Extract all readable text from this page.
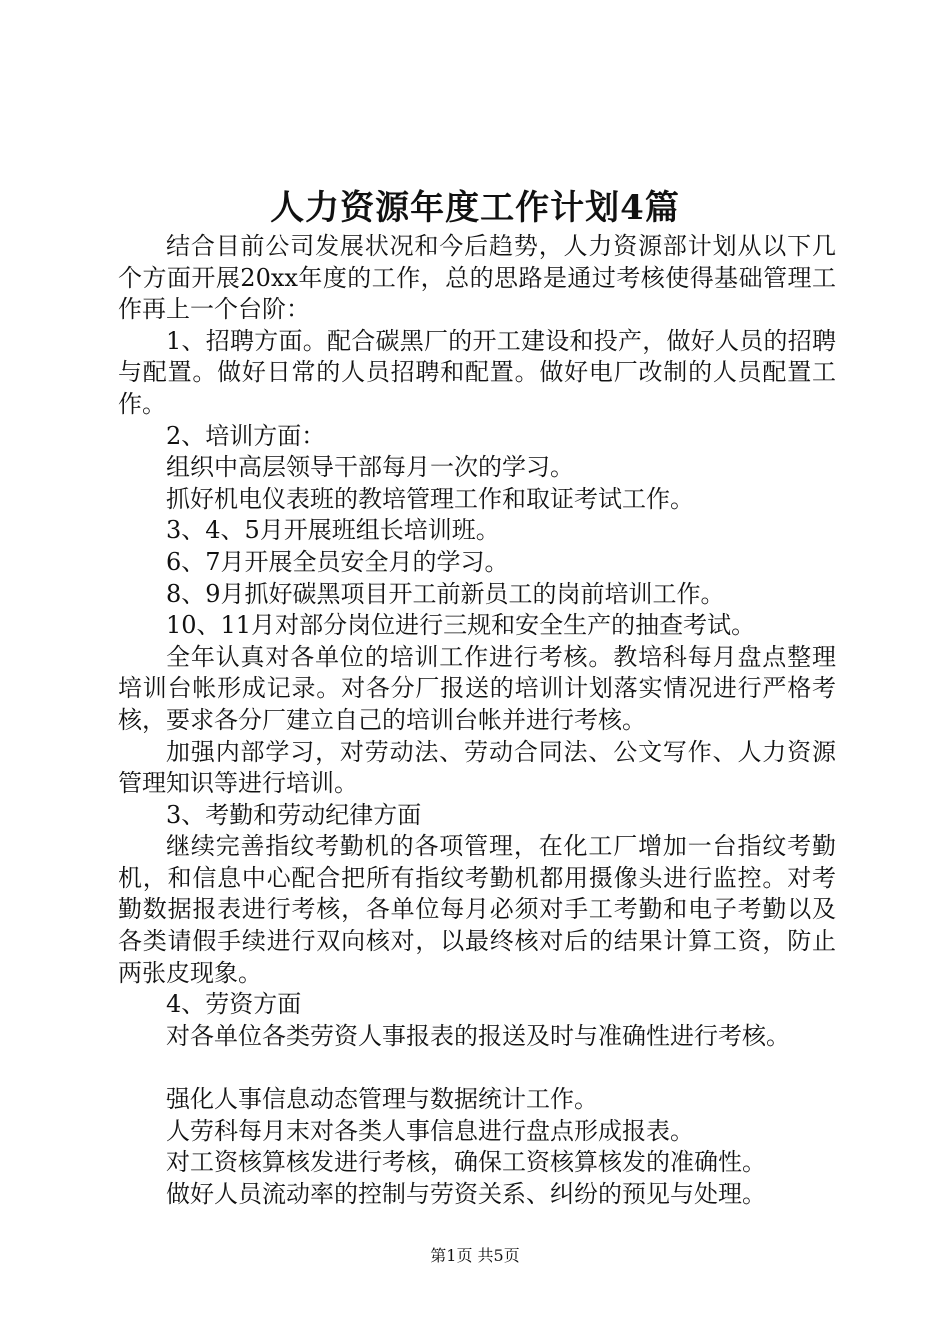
人力资源年度工作计划4篇

结合目前公司发展状况和今后趋势，人力资源部计划从以下几个方面开展20xx年度的工作，总的思路是通过考核使得基础管理工作再上一个台阶：

1、招聘方面。配合碳黑厂的开工建设和投产，做好人员的招聘与配置。做好日常的人员招聘和配置。做好电厂改制的人员配置工作。

2、培训方面：

组织中高层领导干部每月一次的学习。

抓好机电仪表班的教培管理工作和取证考试工作。

3、4、5月开展班组长培训班。

6、7月开展全员安全月的学习。

8、9月抓好碳黑项目开工前新员工的岗前培训工作。

10、11月对部分岗位进行三规和安全生产的抽查考试。

全年认真对各单位的培训工作进行考核。教培科每月盘点整理培训台帐形成记录。对各分厂报送的培训计划落实情况进行严格考核，要求各分厂建立自己的培训台帐并进行考核。

加强内部学习，对劳动法、劳动合同法、公文写作、人力资源管理知识等进行培训。

3、考勤和劳动纪律方面

继续完善指纹考勤机的各项管理，在化工厂增加一台指纹考勤机，和信息中心配合把所有指纹考勤机都用摄像头进行监控。对考勤数据报表进行考核，各单位每月必须对手工考勤和电子考勤以及各类请假手续进行双向核对，以最终核对后的结果计算工资，防止两张皮现象。

4、劳资方面

对各单位各类劳资人事报表的报送及时与准确性进行考核。

强化人事信息动态管理与数据统计工作。

人劳科每月末对各类人事信息进行盘点形成报表。

对工资核算核发进行考核，确保工资核算核发的准确性。

做好人员流动率的控制与劳资关系、纠纷的预见与处理。

第1页 共5页
